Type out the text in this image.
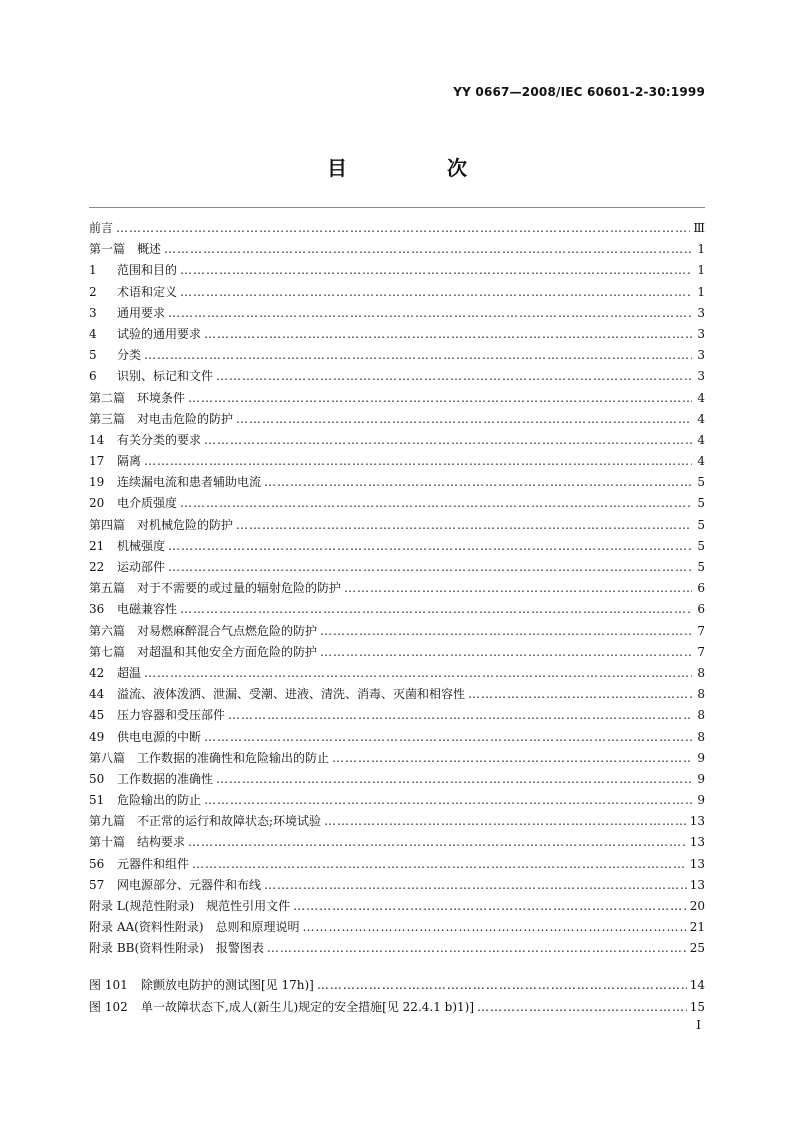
YY 0667—2008/IEC 60601-2-30:1999
目　次
前言 ………………………………………………………………………………………………………………………………………………………………………………………	Ⅲ
第一篇　概述 ………………………………………………………………………………………………………………………………………………………………………………………	1
1 范围和目的 ………………………………………………………………………………………………………………………………………………………………………………………	1
2 术语和定义 ………………………………………………………………………………………………………………………………………………………………………………………	1
3 通用要求 ………………………………………………………………………………………………………………………………………………………………………………………	3
4 试验的通用要求 ………………………………………………………………………………………………………………………………………………………………………………………	3
5 分类 ………………………………………………………………………………………………………………………………………………………………………………………	3
6 识别、标记和文件 ………………………………………………………………………………………………………………………………………………………………………………………	3
第二篇　环境条件 ………………………………………………………………………………………………………………………………………………………………………………………	4
第三篇　对电击危险的防护 ………………………………………………………………………………………………………………………………………………………………………………………	4
14 有关分类的要求 ………………………………………………………………………………………………………………………………………………………………………………………	4
17 隔离 ………………………………………………………………………………………………………………………………………………………………………………………	4
19 连续漏电流和患者辅助电流 ………………………………………………………………………………………………………………………………………………………………………………………	5
20 电介质强度 ………………………………………………………………………………………………………………………………………………………………………………………	5
第四篇　对机械危险的防护 ………………………………………………………………………………………………………………………………………………………………………………………	5
21 机械强度 ………………………………………………………………………………………………………………………………………………………………………………………	5
22 运动部件 ………………………………………………………………………………………………………………………………………………………………………………………	5
第五篇　对于不需要的或过量的辐射危险的防护 ………………………………………………………………………………………………………………………………………………………………………………………	6
36 电磁兼容性 ………………………………………………………………………………………………………………………………………………………………………………………	6
第六篇　对易燃麻醉混合气点燃危险的防护 ………………………………………………………………………………………………………………………………………………………………………………………	7
第七篇　对超温和其他安全方面危险的防护 ………………………………………………………………………………………………………………………………………………………………………………………	7
42 超温 ………………………………………………………………………………………………………………………………………………………………………………………	8
44 溢流、液体泼洒、泄漏、受潮、进液、清洗、消毒、灭菌和相容性 ………………………………………………………………………………………………………………………………………………………………………………………	8
45 压力容器和受压部件 ………………………………………………………………………………………………………………………………………………………………………………………	8
49 供电电源的中断 ………………………………………………………………………………………………………………………………………………………………………………………	8
第八篇　工作数据的准确性和危险输出的防止 ………………………………………………………………………………………………………………………………………………………………………………………	9
50 工作数据的准确性 ………………………………………………………………………………………………………………………………………………………………………………………	9
51 危险输出的防止 ………………………………………………………………………………………………………………………………………………………………………………………	9
第九篇　不正常的运行和故障状态;环境试验 ………………………………………………………………………………………………………………………………………………………………………………………	13
第十篇　结构要求 ………………………………………………………………………………………………………………………………………………………………………………………	13
56 元器件和组件 ………………………………………………………………………………………………………………………………………………………………………………………	13
57 网电源部分、元器件和布线 ………………………………………………………………………………………………………………………………………………………………………………………	13
附录 L(规范性附录)　规范性引用文件 ………………………………………………………………………………………………………………………………………………………………………………………	20
附录 AA(资料性附录)　总则和原理说明 ………………………………………………………………………………………………………………………………………………………………………………………	21
附录 BB(资料性附录)　报警图表 ………………………………………………………………………………………………………………………………………………………………………………………	25
图 101 除颤放电防护的测试图[见 17h)] ………………………………………………………………………………………………………………………………………………………………………………………	14
图 102 单一故障状态下,成人(新生儿)规定的安全措施[见 22.4.1 b)1)] ………………………………………………………………………………………………………………………………………………………………………………………	15
I
